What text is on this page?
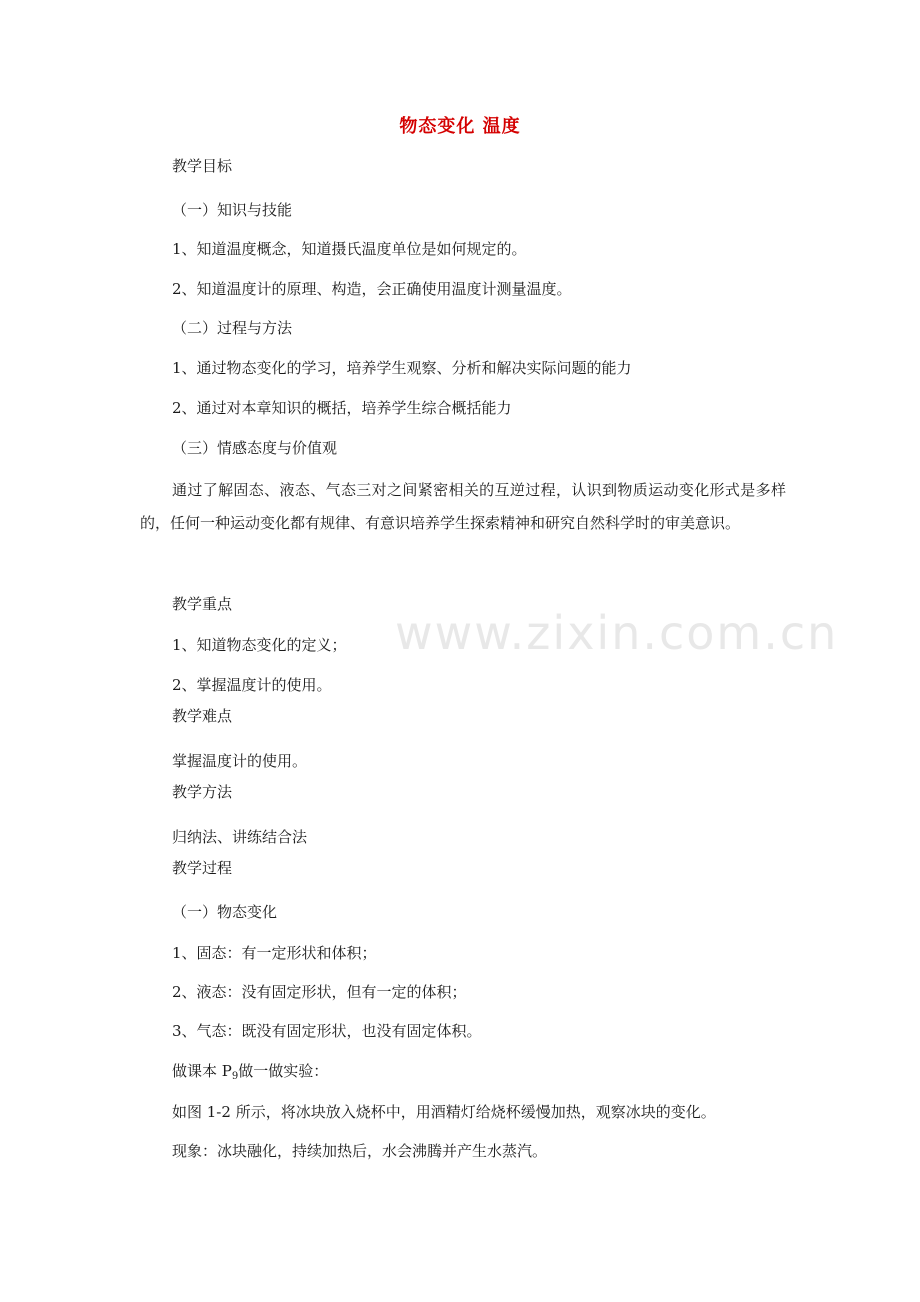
www.zixin.com.cn
物态变化 温度
教学目标
（一）知识与技能
1、知道温度概念，知道摄氏温度单位是如何规定的。
2、知道温度计的原理、构造，会正确使用温度计测量温度。
（二）过程与方法
1、通过物态变化的学习，培养学生观察、分析和解决实际问题的能力
2、通过对本章知识的概括，培养学生综合概括能力
（三）情感态度与价值观
通过了解固态、液态、气态三对之间紧密相关的互逆过程，认识到物质运动变化形式是多样的，任何一种运动变化都有规律、有意识培养学生探索精神和研究自然科学时的审美意识。
教学重点
1、知道物态变化的定义；
2、掌握温度计的使用。
教学难点
掌握温度计的使用。
教学方法
归纳法、讲练结合法
教学过程
（一）物态变化
1、固态：有一定形状和体积；
2、液态：没有固定形状，但有一定的体积；
3、气态：既没有固定形状，也没有固定体积。
做课本 $P_9$做一做实验：
如图 1-2 所示，将冰块放入烧杯中，用酒精灯给烧杯缓慢加热，观察冰块的变化。
现象：冰块融化，持续加热后，水会沸腾并产生水蒸汽。
